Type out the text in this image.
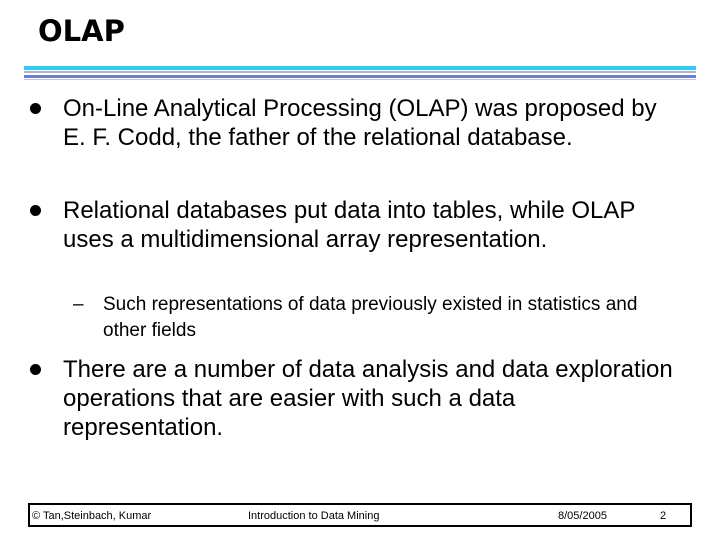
OLAP
On-Line Analytical Processing (OLAP) was proposed by E. F. Codd, the father of the relational database.
Relational databases put data into tables, while OLAP uses a multidimensional array representation.
– Such representations of data previously existed in statistics and other fields
There are a number of data analysis and data exploration operations that are easier with such a data representation.
© Tan,Steinbach, Kumar	Introduction to Data Mining	8/05/2005	2
